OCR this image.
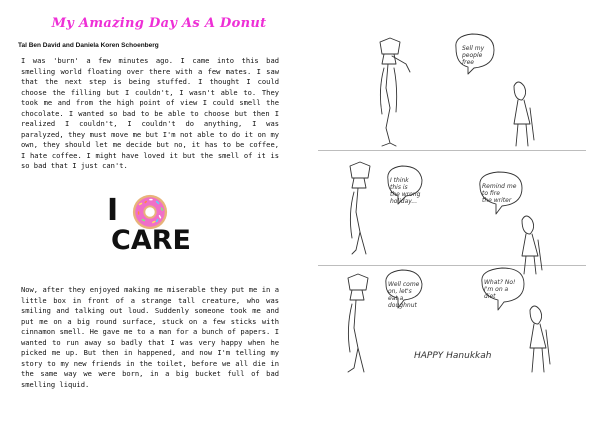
My Amazing Day As A Donut
Tal Ben David and Daniela Koren Schoenberg
I was 'burn' a few minutes ago. I came into this bad smelling world floating over there with a few mates. I saw that the next step is being stuffed. I thought I could choose the filling but I couldn't, I wasn't able to. They took me and from the high point of view I could smell the chocolate. I wanted so bad to be able to choose but then I realized I couldn't, I couldn't do anything, I was paralyzed, they must move me but I'm not able to do it on my own, they should let me decide but no, it has to be coffee, I hate coffee. I might have loved it but the smell of it is so bad that I just can't.
I
CARE
Now, after they enjoyed making me miserable they put me in a little box in front of a strange tall creature, who was smiling and talking out loud. Suddenly someone took me and put me on a big round surface, stuck on a few sticks with cinnamon smell. He gave me to a man for a bunch of papers. I wanted to run away so badly that I was very happy when he picked me up. But then in happened, and now I'm telling my story to my new friends in the toilet, before we all die in the same way we were born, in a big bucket full of bad smelling liquid.
Sell my people free
I think this is the wrong holiday...
Remind me to fire the writer
Well come on, let's eat a doughnut
What? No! I'm on a diet
HAPPY Hanukkah
